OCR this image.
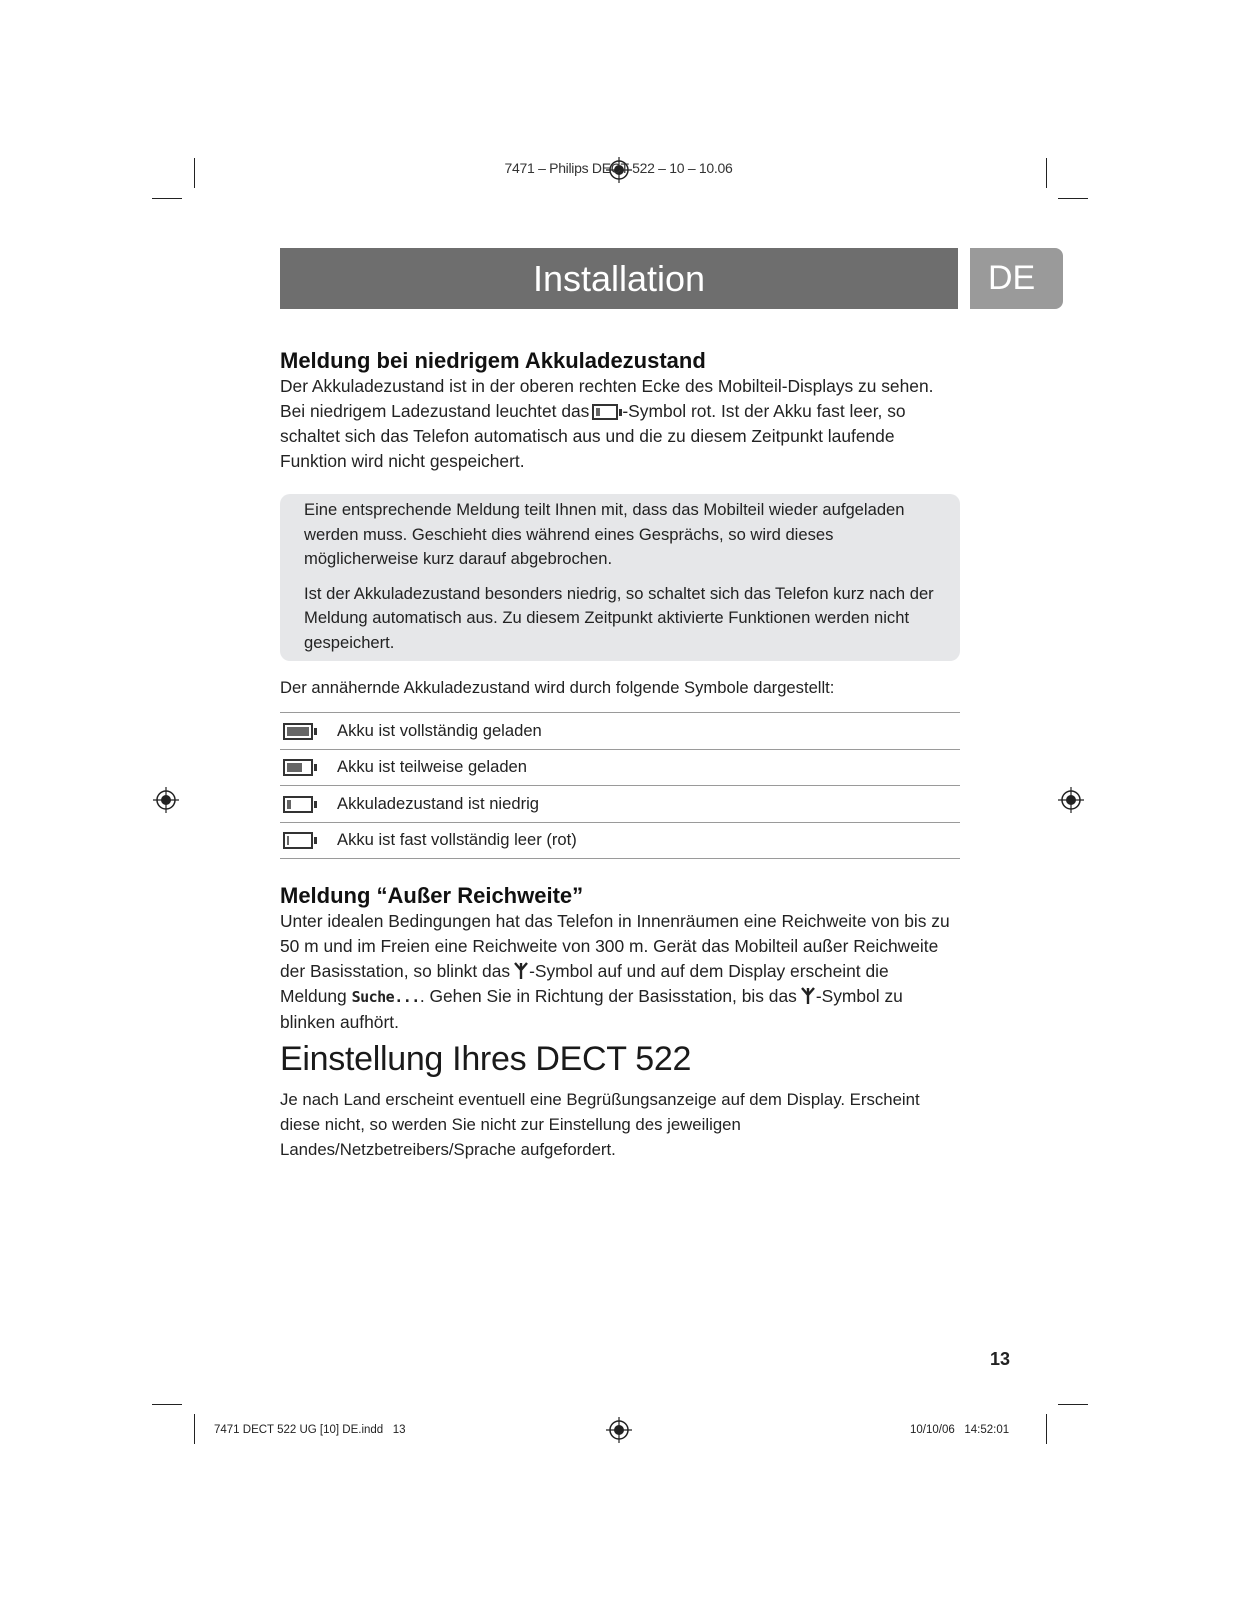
7471 – Philips DECT 522 – 10 – 10.06
Installation	DE
Meldung bei niedrigem Akkuladezustand

Der Akkuladezustand ist in der oberen rechten Ecke des Mobilteil-Displays zu sehen. Bei niedrigem Ladezustand leuchtet das -Symbol rot. Ist der Akku fast leer, so schaltet sich das Telefon automatisch aus und die zu diesem Zeitpunkt laufende Funktion wird nicht gespeichert.

Eine entsprechende Meldung teilt Ihnen mit, dass das Mobilteil wieder aufgeladen werden muss. Geschieht dies während eines Gesprächs, so wird dieses möglicherweise kurz darauf abgebrochen.

Ist der Akkuladezustand besonders niedrig, so schaltet sich das Telefon kurz nach der Meldung automatisch aus. Zu diesem Zeitpunkt aktivierte Funktionen werden nicht gespeichert.

Der annähernde Akkuladezustand wird durch folgende Symbole dargestellt:

	Akku ist vollständig geladen

	Akku ist teilweise geladen

	Akkuladezustand ist niedrig

	Akku ist fast vollständig leer (rot)
Meldung “Außer Reichweite”

Unter idealen Bedingungen hat das Telefon in Innenräumen eine Reichweite von bis zu 50 m und im Freien eine Reichweite von 300 m. Gerät das Mobilteil außer Reichweite der Basisstation, so blinkt das -Symbol auf und auf dem Display erscheint die Meldung Suche.... Gehen Sie in Richtung der Basisstation, bis das -Symbol zu blinken aufhört.

Einstellung Ihres DECT 522

Je nach Land erscheint eventuell eine Begrüßungsanzeige auf dem Display. Erscheint diese nicht, so werden Sie nicht zur Einstellung des jeweiligen Landes/Netzbetreibers/Sprache aufgefordert.

13
7471 DECT 522 UG [10] DE.indd   13	10/10/06   14:52:01
